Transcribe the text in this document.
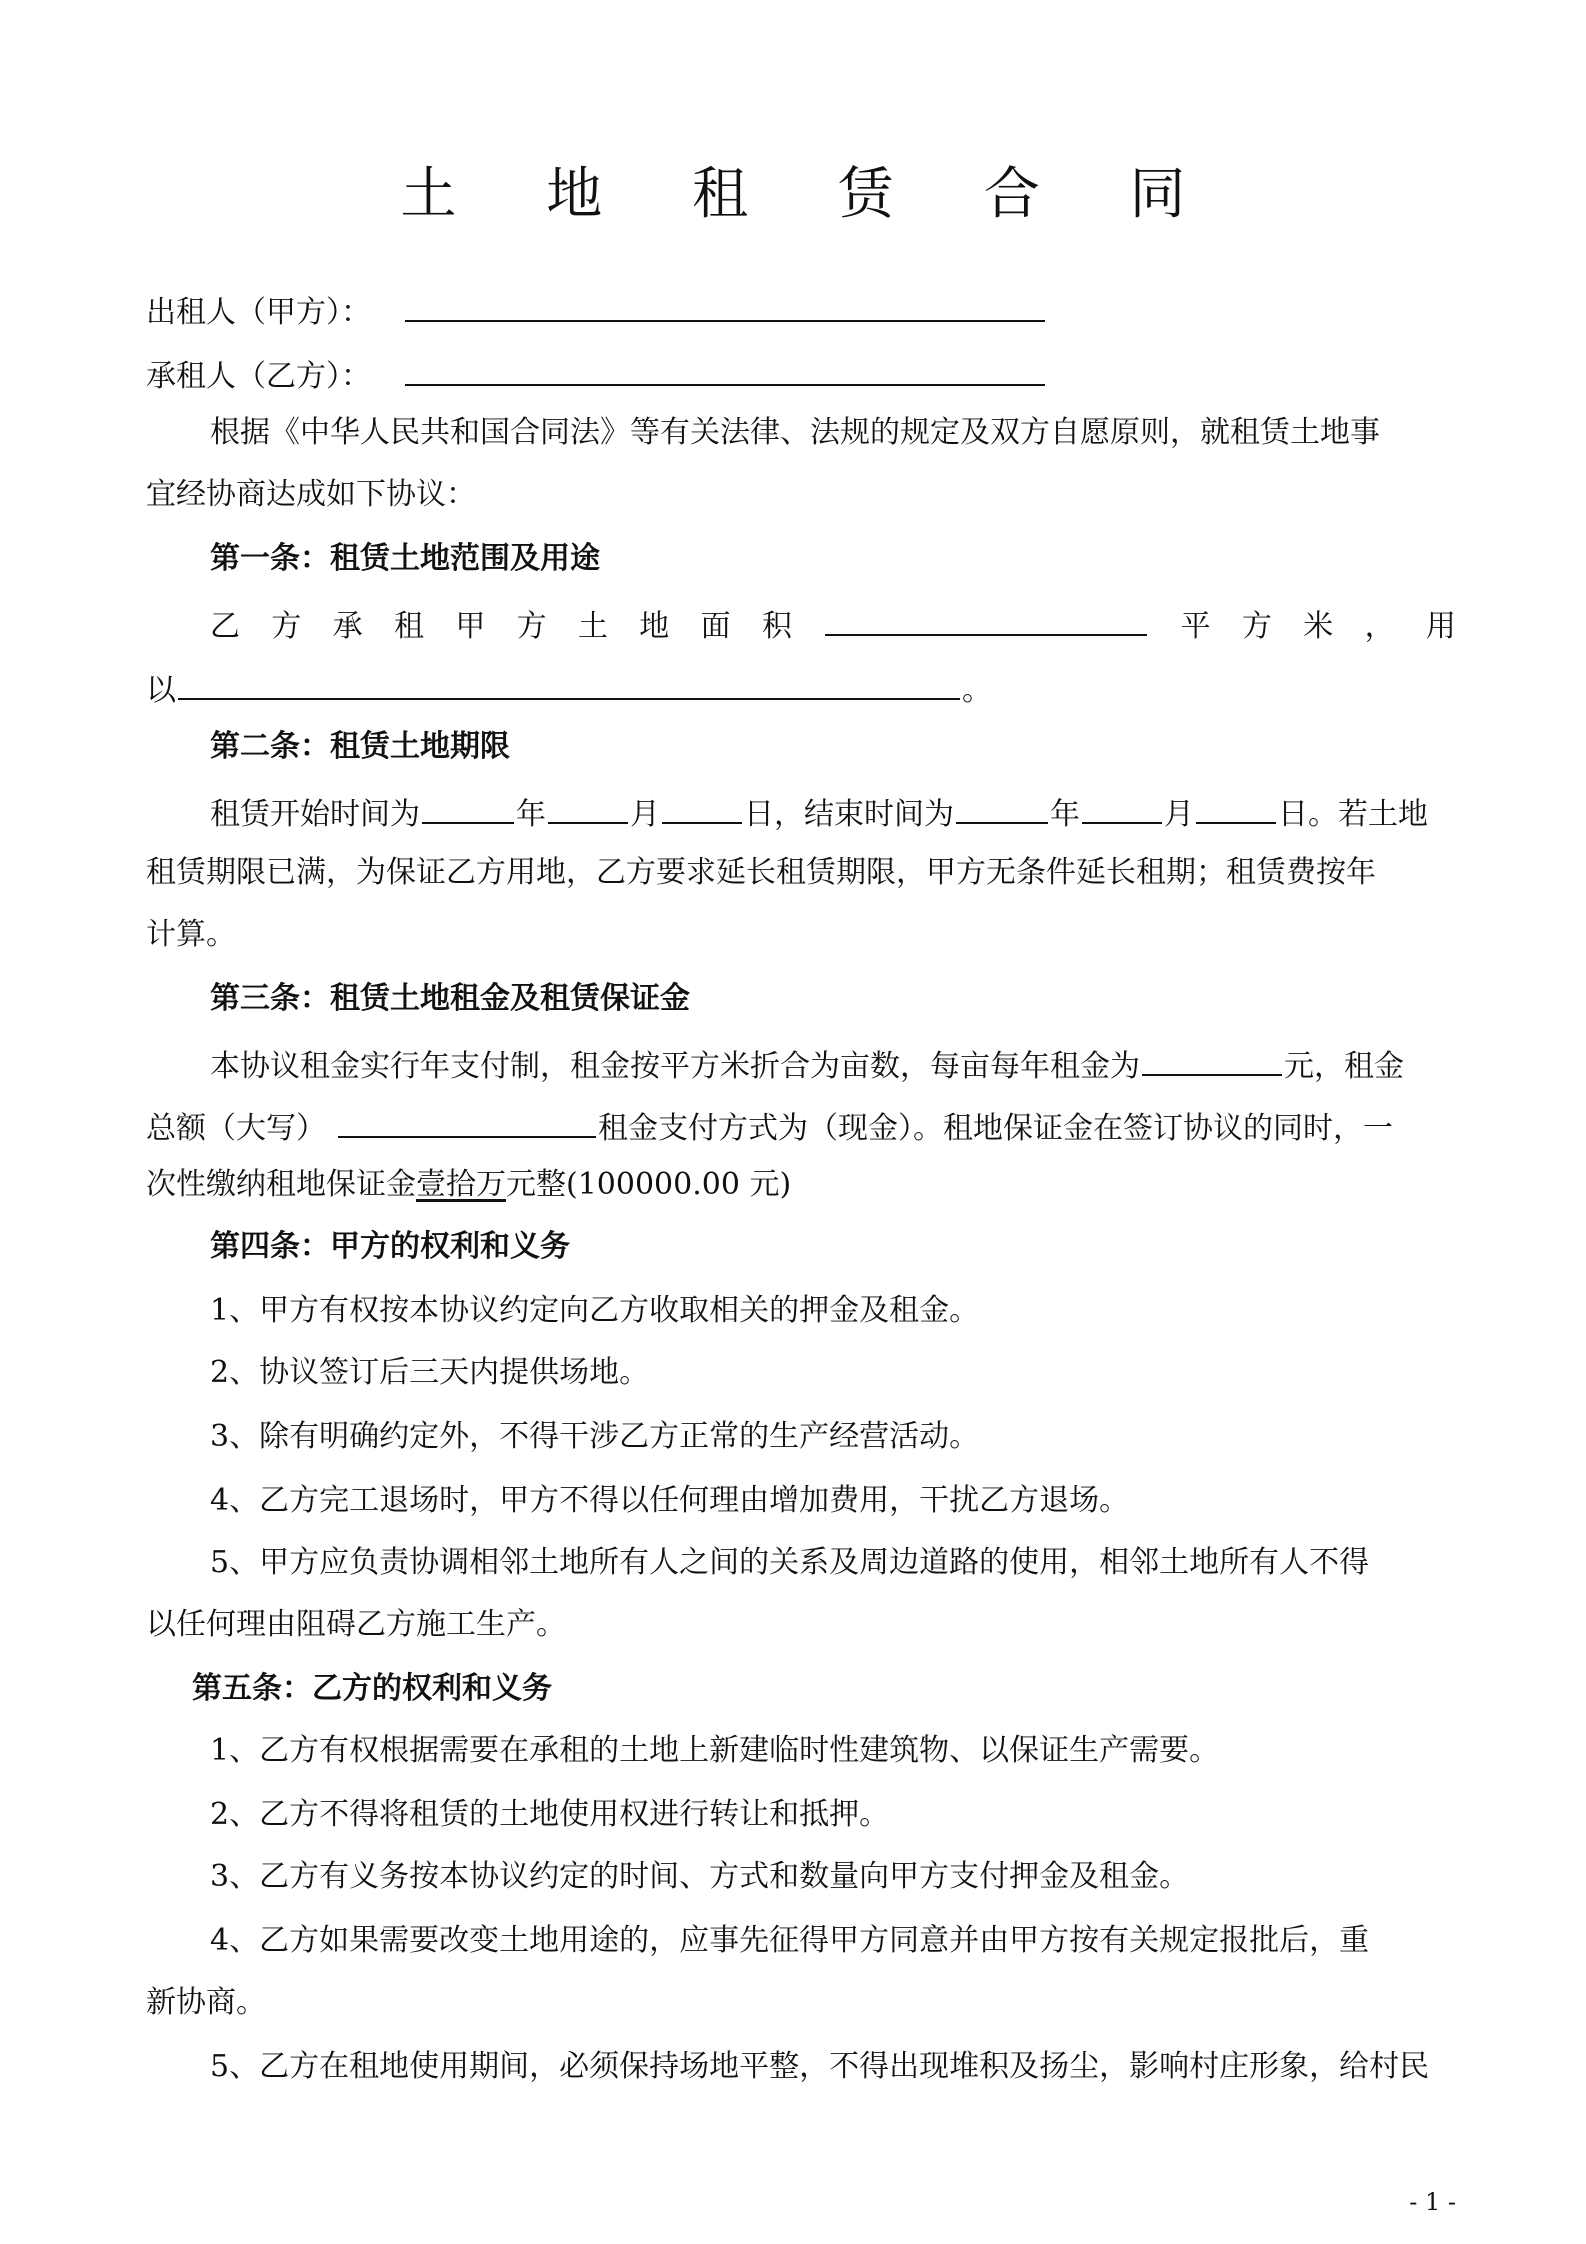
土 地 租 赁 合 同
出租人（甲方）：
承租人（乙方）：
根据《中华人民共和国合同法》等有关法律、法规的规定及双方自愿原则，就租赁土地事
宜经协商达成如下协议：
第一条：租赁土地范围及用途
乙 方 承 租 甲 方 土 地 面 积	平 方 米 ， 用
以	。
第二条：租赁土地期限
租赁开始时间为	年	月	日，结束时间为	年	月	日。若土地
租赁期限已满，为保证乙方用地，乙方要求延长租赁期限，甲方无条件延长租期；租赁费按年
计算。
第三条：租赁土地租金及租赁保证金
本协议租金实行年支付制，租金按平方米折合为亩数，每亩每年租金为	元，租金
总额（大写）	租金支付方式为（现金）。租地保证金在签订协议的同时，一
次性缴纳租地保证金壹拾万元整(100000.00 元)
第四条：甲方的权利和义务
1、甲方有权按本协议约定向乙方收取相关的押金及租金。
2、协议签订后三天内提供场地。
3、除有明确约定外，不得干涉乙方正常的生产经营活动。
4、乙方完工退场时，甲方不得以任何理由增加费用，干扰乙方退场。
5、甲方应负责协调相邻土地所有人之间的关系及周边道路的使用，相邻土地所有人不得
以任何理由阻碍乙方施工生产。
第五条：乙方的权利和义务
1、乙方有权根据需要在承租的土地上新建临时性建筑物、以保证生产需要。
2、乙方不得将租赁的土地使用权进行转让和抵押。
3、乙方有义务按本协议约定的时间、方式和数量向甲方支付押金及租金。
4、乙方如果需要改变土地用途的，应事先征得甲方同意并由甲方按有关规定报批后，重
新协商。
5、乙方在租地使用期间，必须保持场地平整，不得出现堆积及扬尘，影响村庄形象，给村民
- 1 -
